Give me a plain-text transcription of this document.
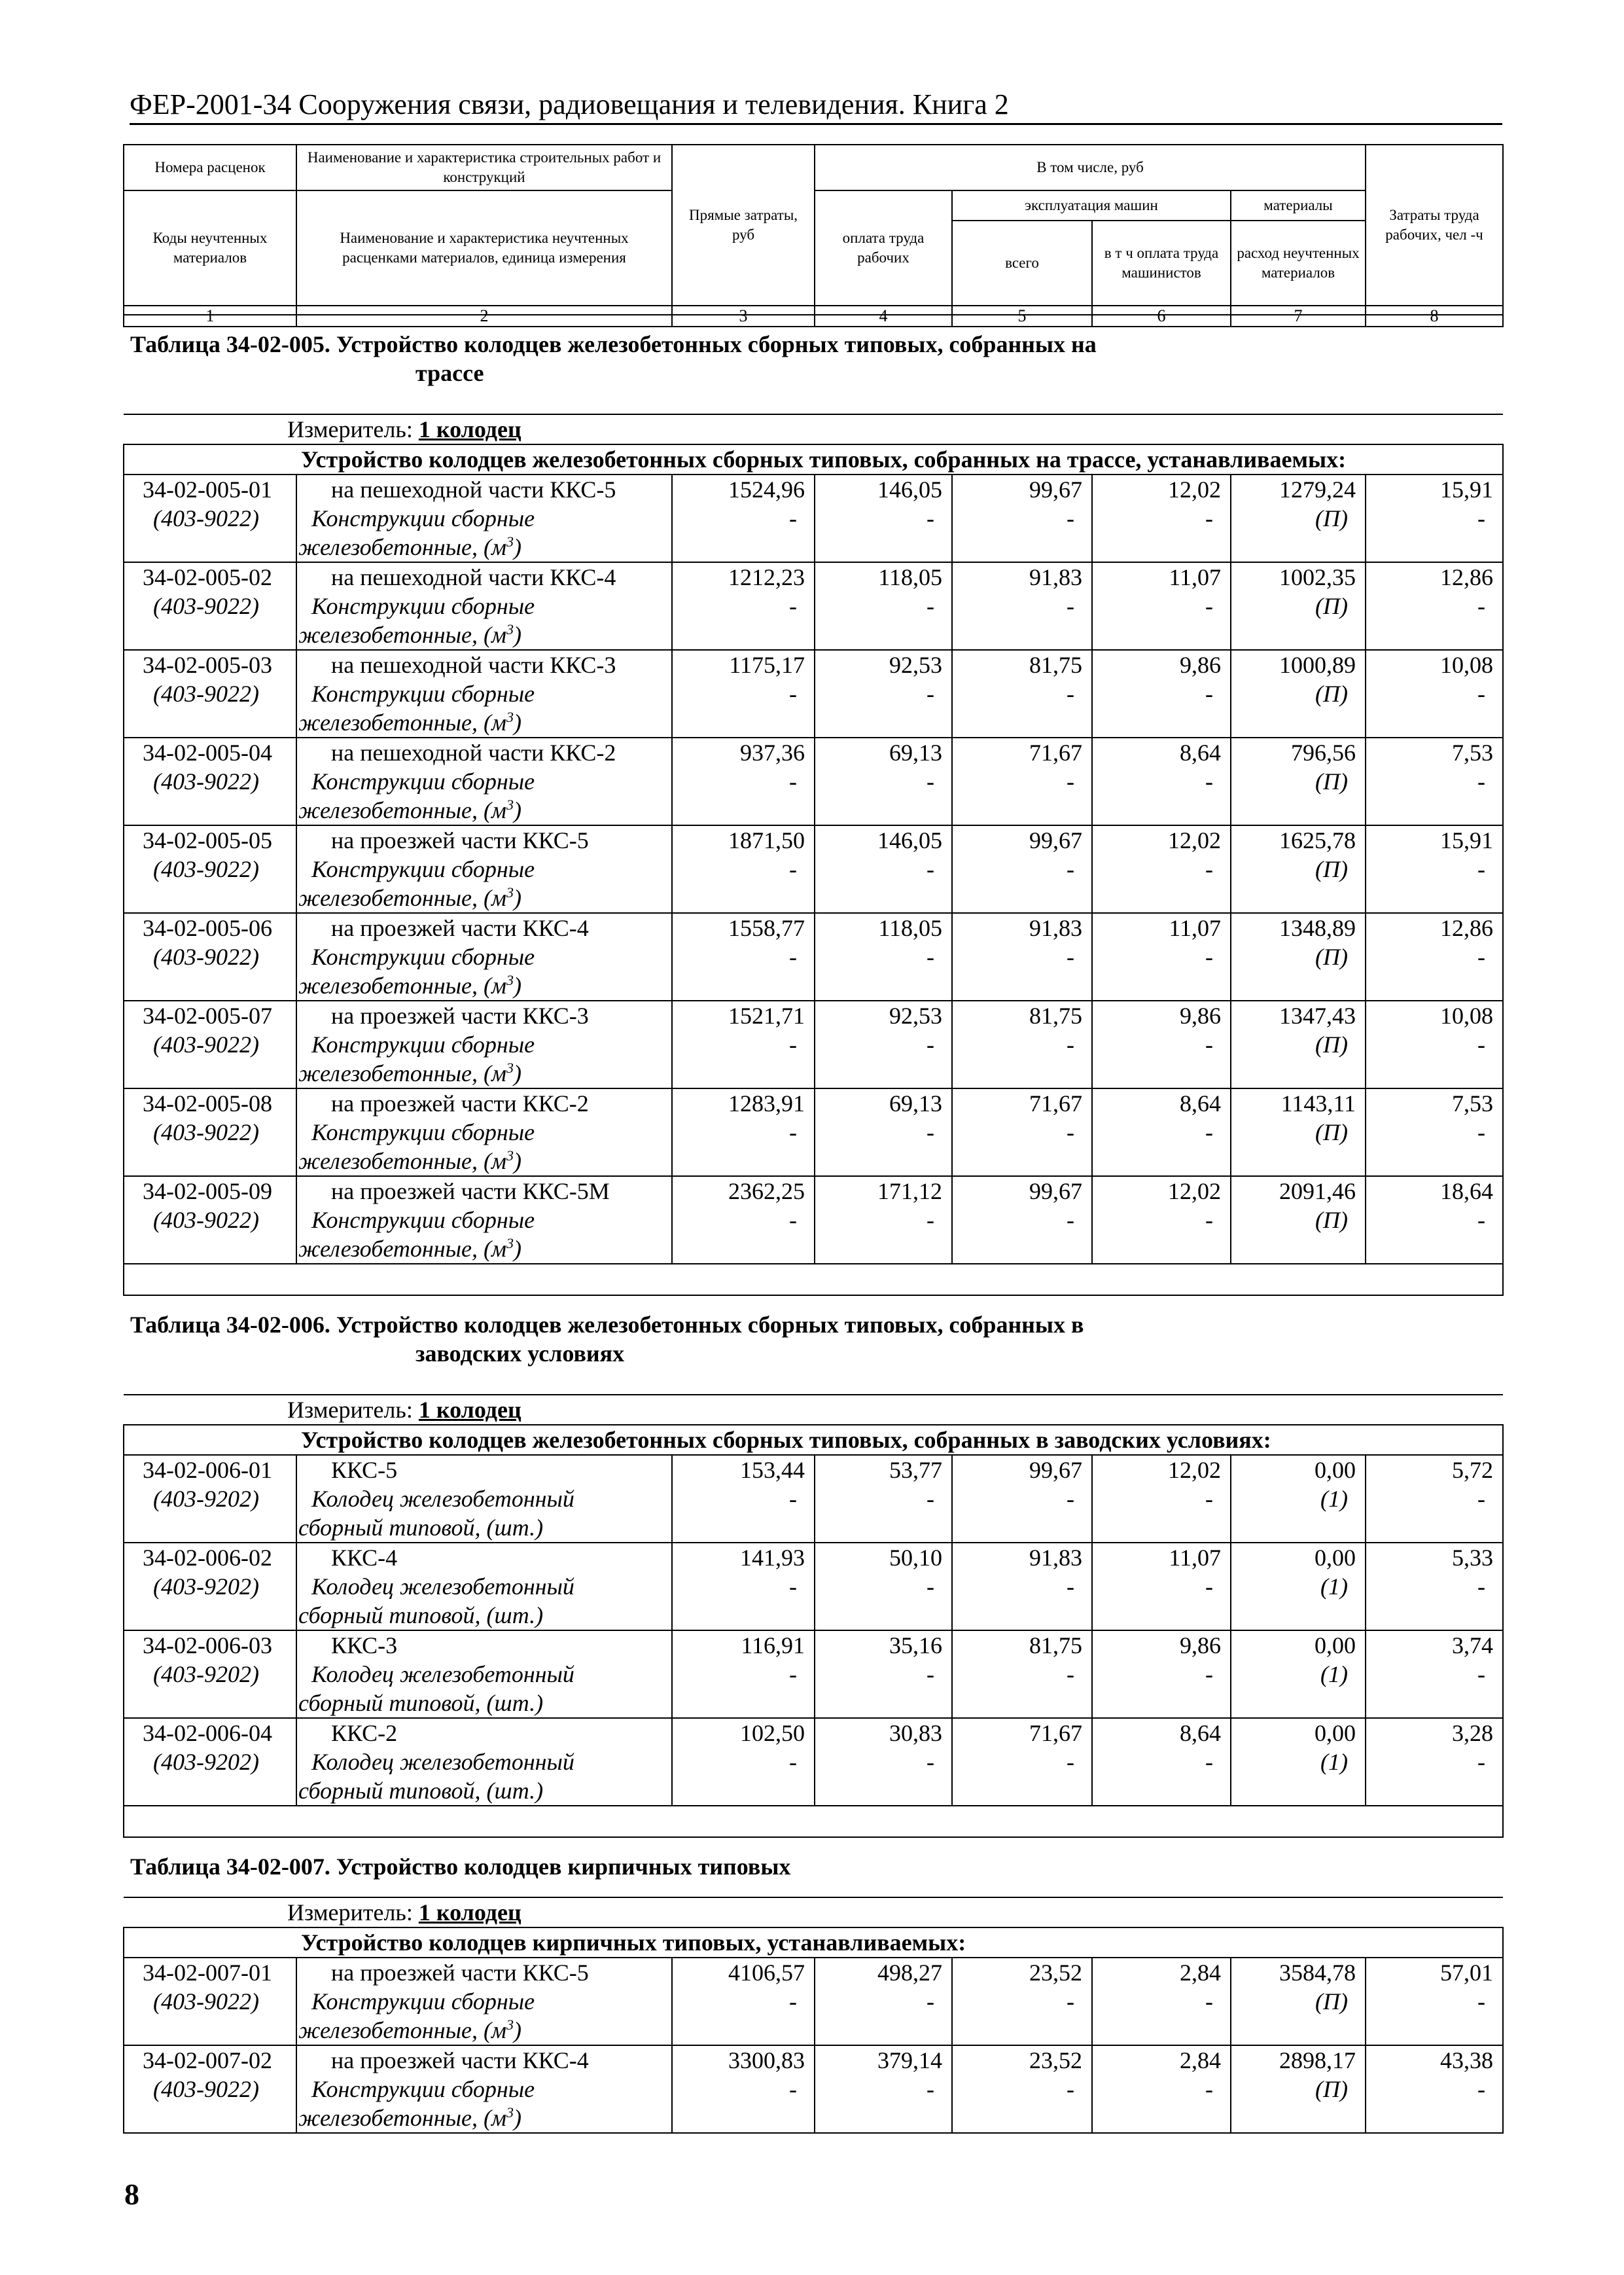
ФЕР-2001-34 Сооружения связи, радиовещания и телевидения. Книга 2
Номера расценок	Наименование и характеристика строительных работ и конструкций	Прямые затраты, руб	В том числе, руб				Затраты труда рабочих, чел -ч
Коды неучтенных материалов	Наименование и характеристика неучтенных расценками материалов, единица измерения		оплата труда рабочих	эксплуатация машин		материалы	
				всего	в т ч оплата труда машинистов	расход неучтенных материалов	
1	2	3	4	5	6	7	8
Таблица 34-02-005. Устройство колодцев железобетонных сборных типовых, собранных на
трассе							

Измеритель: 1 колодец							
Устройство колодцев железобетонных сборных типовых, собранных на трассе, устанавливаемых:							
34-02-005-01	на пешеходной части ККС-5	1524,96	146,05	99,67	12,02	1279,24	15,91
(403-9022)	Конструкции сборные	-	-	-	-	(П)	-
	железобетонные, $(м^3)$						
34-02-005-02	на пешеходной части ККС-4	1212,23	118,05	91,83	11,07	1002,35	12,86
(403-9022)	Конструкции сборные	-	-	-	-	(П)	-
	железобетонные, $(м^3)$						
34-02-005-03	на пешеходной части ККС-3	1175,17	92,53	81,75	9,86	1000,89	10,08
(403-9022)	Конструкции сборные	-	-	-	-	(П)	-
	железобетонные, $(м^3)$						
34-02-005-04	на пешеходной части ККС-2	937,36	69,13	71,67	8,64	796,56	7,53
(403-9022)	Конструкции сборные	-	-	-	-	(П)	-
	железобетонные, $(м^3)$						
34-02-005-05	на проезжей части ККС-5	1871,50	146,05	99,67	12,02	1625,78	15,91
(403-9022)	Конструкции сборные	-	-	-	-	(П)	-
	железобетонные, $(м^3)$						
34-02-005-06	на проезжей части ККС-4	1558,77	118,05	91,83	11,07	1348,89	12,86
(403-9022)	Конструкции сборные	-	-	-	-	(П)	-
	железобетонные, $(м^3)$						
34-02-005-07	на проезжей части ККС-3	1521,71	92,53	81,75	9,86	1347,43	10,08
(403-9022)	Конструкции сборные	-	-	-	-	(П)	-
	железобетонные, $(м^3)$						
34-02-005-08	на проезжей части ККС-2	1283,91	69,13	71,67	8,64	1143,11	7,53
(403-9022)	Конструкции сборные	-	-	-	-	(П)	-
	железобетонные, $(м^3)$						
34-02-005-09	на проезжей части ККС-5М	2362,25	171,12	99,67	12,02	2091,46	18,64
(403-9022)	Конструкции сборные	-	-	-	-	(П)	-
	железобетонные, $(м^3)$						

Таблица 34-02-006. Устройство колодцев железобетонных сборных типовых, собранных в
заводских условиях							

Измеритель: 1 колодец							
Устройство колодцев железобетонных сборных типовых, собранных в заводских условиях:							
34-02-006-01	ККС-5	153,44	53,77	99,67	12,02	0,00	5,72
(403-9202)	Колодец железобетонный	-	-	-	-	(1)	-
	сборный типовой, (шт.)						
34-02-006-02	ККС-4	141,93	50,10	91,83	11,07	0,00	5,33
(403-9202)	Колодец железобетонный	-	-	-	-	(1)	-
	сборный типовой, (шт.)						
34-02-006-03	ККС-3	116,91	35,16	81,75	9,86	0,00	3,74
(403-9202)	Колодец железобетонный	-	-	-	-	(1)	-
	сборный типовой, (шт.)						
34-02-006-04	ККС-2	102,50	30,83	71,67	8,64	0,00	3,28
(403-9202)	Колодец железобетонный	-	-	-	-	(1)	-
	сборный типовой, (шт.)						

Таблица 34-02-007. Устройство колодцев кирпичных типовых							
Измеритель: 1 колодец							
Устройство колодцев кирпичных типовых, устанавливаемых:							
34-02-007-01	на проезжей части ККС-5	4106,57	498,27	23,52	2,84	3584,78	57,01
(403-9022)	Конструкции сборные	-	-	-	-	(П)	-
	железобетонные, $(м^3)$						
34-02-007-02	на проезжей части ККС-4	3300,83	379,14	23,52	2,84	2898,17	43,38
(403-9022)	Конструкции сборные	-	-	-	-	(П)	-
	железобетонные, $(м^3)$						
8
